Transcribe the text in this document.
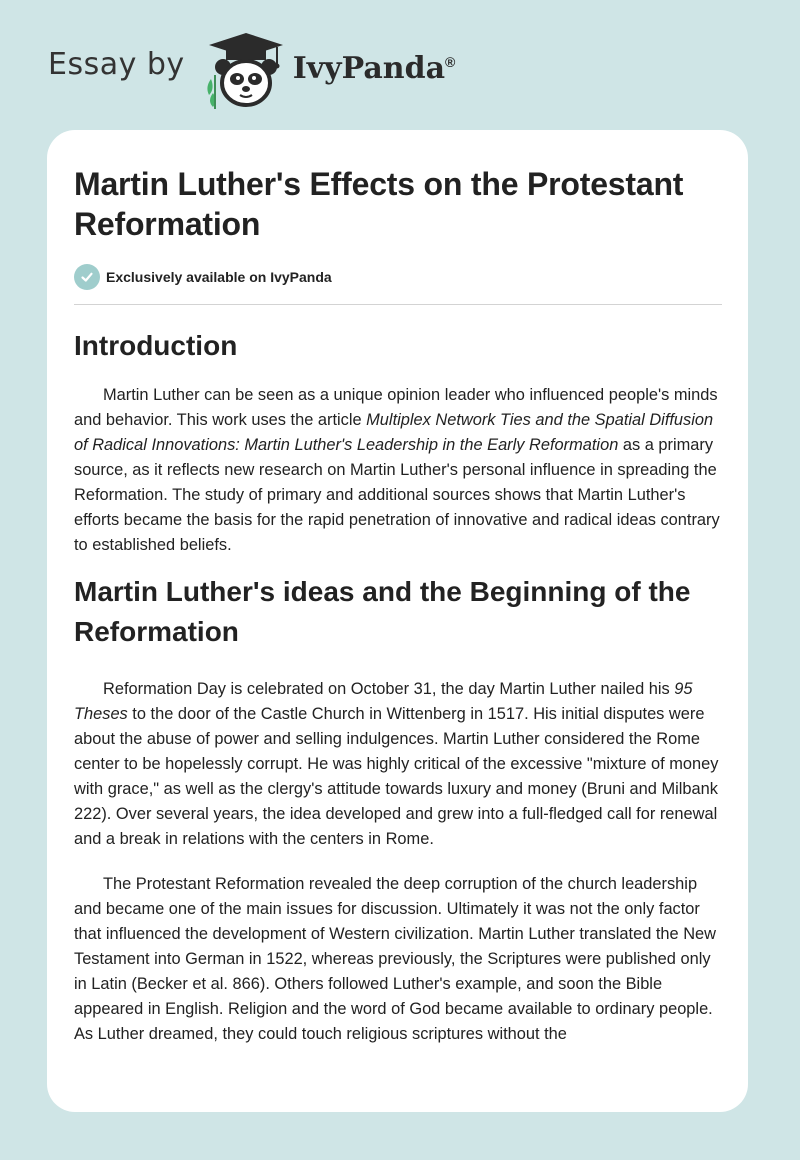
Essay by	IvyPanda®
Martin Luther's Effects on the Protestant Reformation
Exclusively available on IvyPanda
Introduction

Martin Luther can be seen as a unique opinion leader who influenced people's minds and behavior. This work uses the article Multiplex Network Ties and the Spatial Diffusion of Radical Innovations: Martin Luther's Leadership in the Early Reformation as a primary source, as it reflects new research on Martin Luther's personal influence in spreading the Reformation. The study of primary and additional sources shows that Martin Luther's efforts became the basis for the rapid penetration of innovative and radical ideas contrary to established beliefs.

Martin Luther's ideas and the Beginning of the Reformation

Reformation Day is celebrated on October 31, the day Martin Luther nailed his 95 Theses to the door of the Castle Church in Wittenberg in 1517. His initial disputes were about the abuse of power and selling indulgences. Martin Luther considered the Rome center to be hopelessly corrupt. He was highly critical of the excessive "mixture of money with grace," as well as the clergy's attitude towards luxury and money (Bruni and Milbank 222). Over several years, the idea developed and grew into a full-fledged call for renewal and a break in relations with the centers in Rome.

The Protestant Reformation revealed the deep corruption of the church leadership and became one of the main issues for discussion. Ultimately it was not the only factor that influenced the development of Western civilization. Martin Luther translated the New Testament into German in 1522, whereas previously, the Scriptures were published only in Latin (Becker et al. 866). Others followed Luther's example, and soon the Bible appeared in English. Religion and the word of God became available to ordinary people. As Luther dreamed, they could touch religious scriptures without the
